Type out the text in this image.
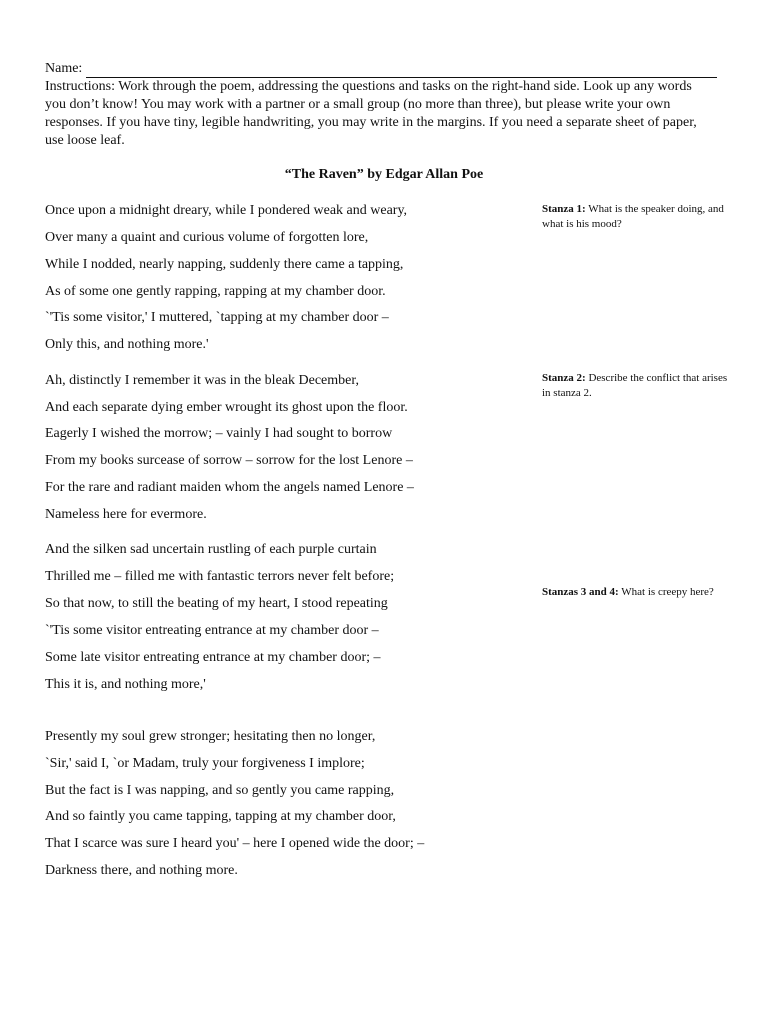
Name:
Instructions: Work through the poem, addressing the questions and tasks on the right-hand side. Look up any words you don’t know! You may work with a partner or a small group (no more than three), but please write your own responses. If you have tiny, legible handwriting, you may write in the margins. If you need a separate sheet of paper, use loose leaf.
“The Raven” by Edgar Allan Poe
Once upon a midnight dreary, while I pondered weak and weary,
Over many a quaint and curious volume of forgotten lore,
While I nodded, nearly napping, suddenly there came a tapping,
As of some one gently rapping, rapping at my chamber door.
`'Tis some visitor,' I muttered, `tapping at my chamber door –
Only this, and nothing more.'
Ah, distinctly I remember it was in the bleak December,
And each separate dying ember wrought its ghost upon the floor.
Eagerly I wished the morrow; – vainly I had sought to borrow
From my books surcease of sorrow – sorrow for the lost Lenore –
For the rare and radiant maiden whom the angels named Lenore –
Nameless here for evermore.
And the silken sad uncertain rustling of each purple curtain
Thrilled me – filled me with fantastic terrors never felt before;
So that now, to still the beating of my heart, I stood repeating
`'Tis some visitor entreating entrance at my chamber door –
Some late visitor entreating entrance at my chamber door; –
This it is, and nothing more,'
Presently my soul grew stronger; hesitating then no longer,
`Sir,' said I, `or Madam, truly your forgiveness I implore;
But the fact is I was napping, and so gently you came rapping,
And so faintly you came tapping, tapping at my chamber door,
That I scarce was sure I heard you' – here I opened wide the door; –
Darkness there, and nothing more.
Stanza 1: What is the speaker doing, and what is his mood?
Stanza 2: Describe the conflict that arises in stanza 2.
Stanzas 3 and 4: What is creepy here?
